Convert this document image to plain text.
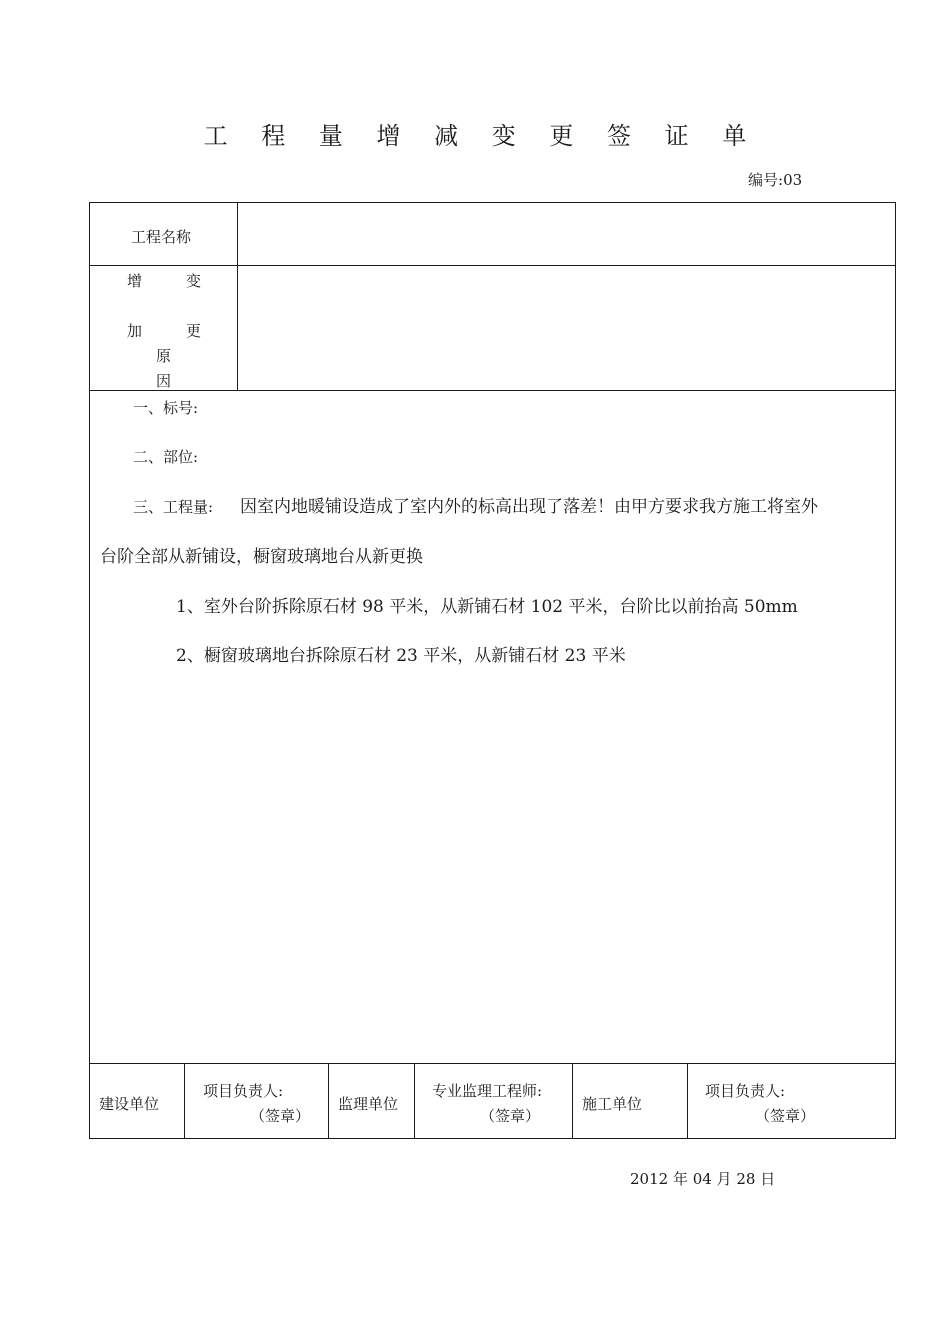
工 程 量 增 减 变 更 签 证 单
编号:03
工程名称
增	变
加	更
原
因
一、标号:
二、部位:
三、工程量: 因室内地暖铺设造成了室内外的标高出现了落差！由甲方要求我方施工将室外
台阶全部从新铺设，橱窗玻璃地台从新更换
1、室外台阶拆除原石材 98 平米，从新铺石材 102 平米，台阶比以前抬高 50mm
2、橱窗玻璃地台拆除原石材 23 平米，从新铺石材 23 平米
建设单位
项目负责人:
（签章）
监理单位
专业监理工程师:
（签章）
施工单位
项目负责人:
（签章）
2012 年 04 月 28 日
